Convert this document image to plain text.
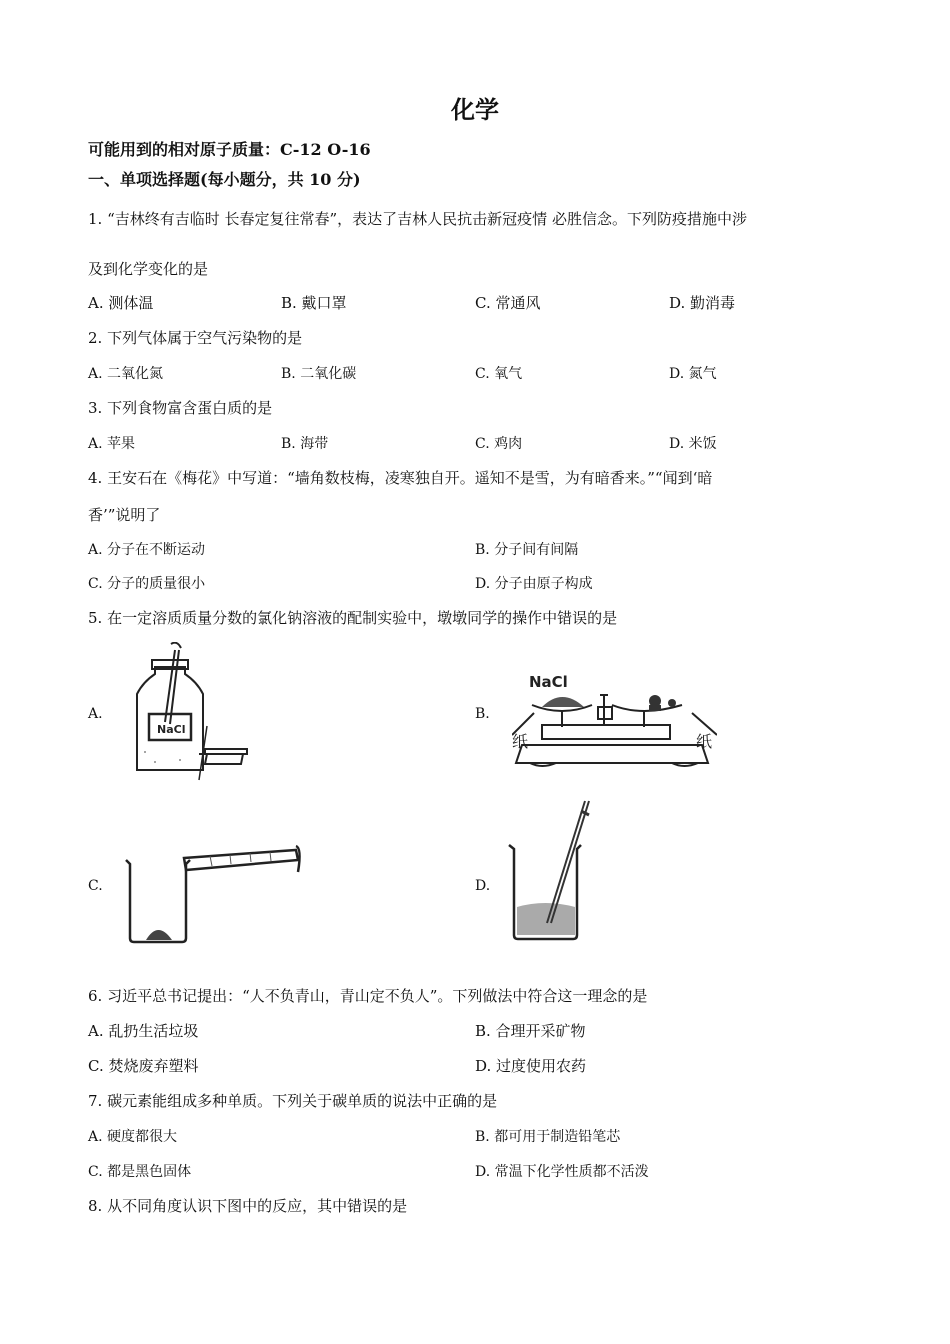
化学
可能用到的相对原子质量：C-12 O-16
一、单项选择题(每小题分，共 10 分)
1. “吉林终有吉临时 长春定复往常春”，表达了吉林人民抗击新冠疫情 必胜信念。下列防疫措施中涉
及到化学变化的是
A. 测体温	B. 戴口罩	C. 常通风	D. 勤消毒
2. 下列气体属于空气污染物的是
A. 二氧化氮	B. 二氧化碳	C. 氧气	D. 氮气
3. 下列食物富含蛋白质的是
A. 苹果	B. 海带	C. 鸡肉	D. 米饭
4. 王安石在《梅花》中写道：“墙角数枝梅，凌寒独自开。遥知不是雪，为有暗香来。”“闻到‘暗
香’”说明了
A. 分子在不断运动	B. 分子间有间隔
C. 分子的质量很小	D. 分子由原子构成
5. 在一定溶质质量分数的氯化钠溶液的配制实验中，墩墩同学的操作中错误的是
A.	B.
C.	D.
NaCl
NaCl
纸	纸
6. 习近平总书记提出：“人不负青山，青山定不负人”。下列做法中符合这一理念的是
A. 乱扔生活垃圾	B. 合理开采矿物
C. 焚烧废弃塑料	D. 过度使用农药
7. 碳元素能组成多种单质。下列关于碳单质的说法中正确的是
A. 硬度都很大	B. 都可用于制造铅笔芯
C. 都是黑色固体	D. 常温下化学性质都不活泼
8. 从不同角度认识下图中的反应，其中错误的是
